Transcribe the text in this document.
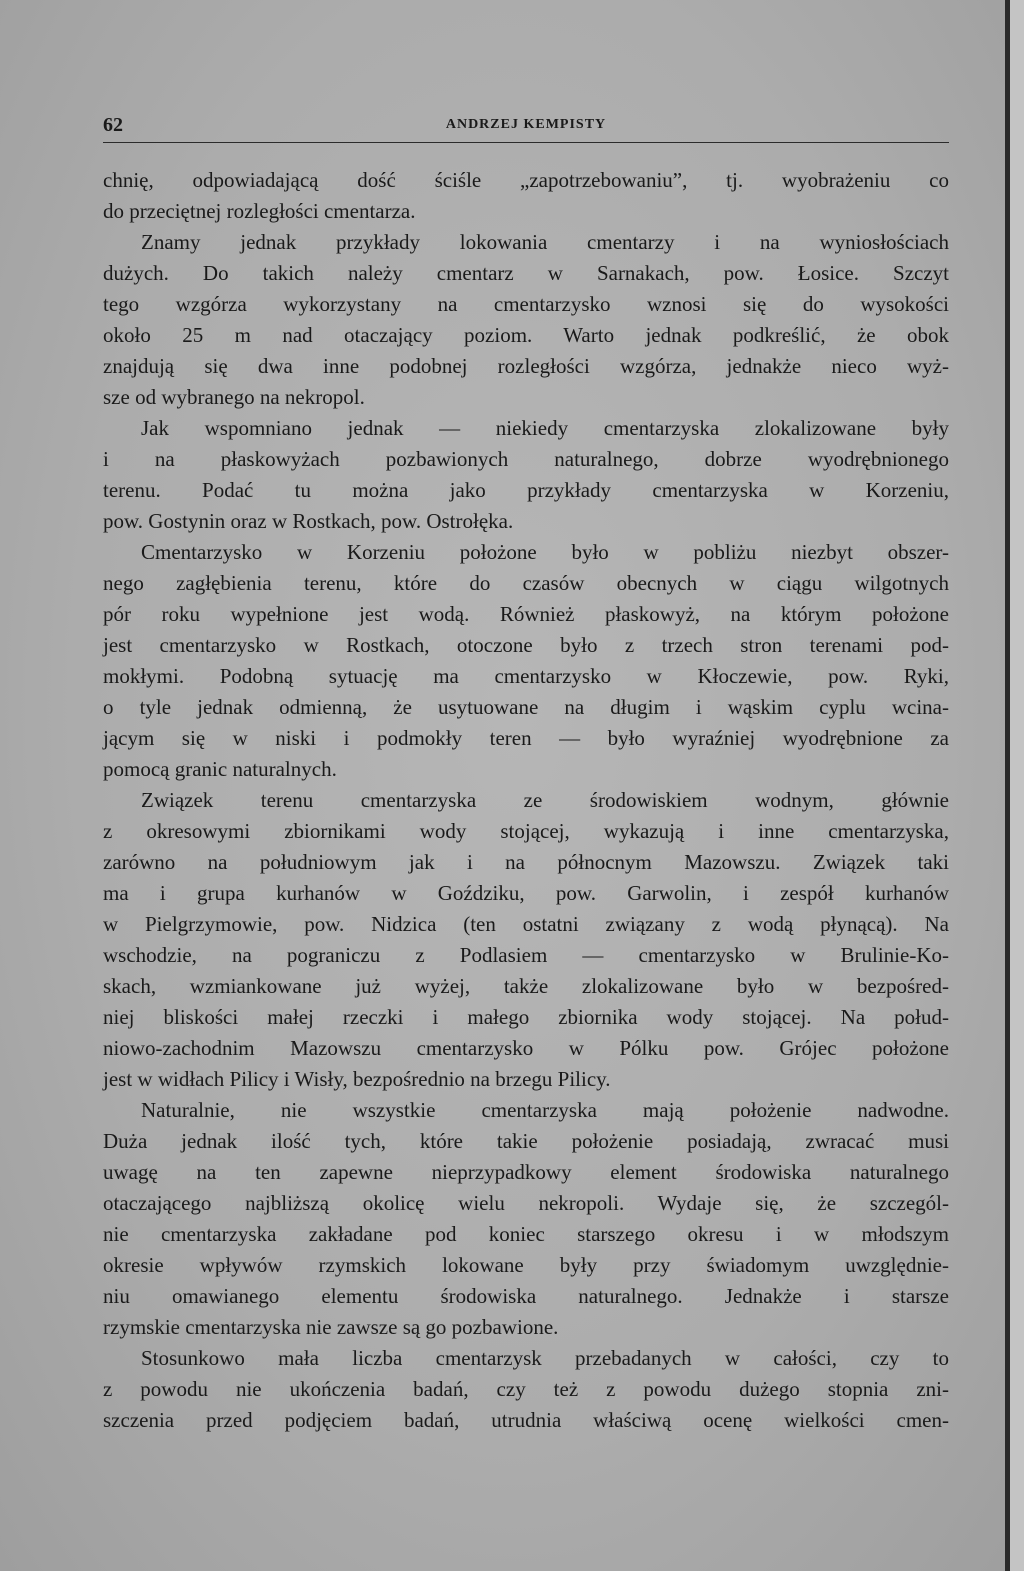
62	ANDRZEJ KEMPISTY
chnię, odpowiadającą dość ściśle „zapotrzebowaniu”, tj. wyobrażeniu co
do przeciętnej rozległości cmentarza.
Znamy jednak przykłady lokowania cmentarzy i na wyniosłościach
dużych. Do takich należy cmentarz w Sarnakach, pow. Łosice. Szczyt
tego wzgórza wykorzystany na cmentarzysko wznosi się do wysokości
około 25 m nad otaczający poziom. Warto jednak podkreślić, że obok
znajdują się dwa inne podobnej rozległości wzgórza, jednakże nieco wyż-
sze od wybranego na nekropol.
Jak wspomniano jednak — niekiedy cmentarzyska zlokalizowane były
i na płaskowyżach pozbawionych naturalnego, dobrze wyodrębnionego
terenu. Podać tu można jako przykłady cmentarzyska w Korzeniu,
pow. Gostynin oraz w Rostkach, pow. Ostrołęka.
Cmentarzysko w Korzeniu położone było w pobliżu niezbyt obszer-
nego zagłębienia terenu, które do czasów obecnych w ciągu wilgotnych
pór roku wypełnione jest wodą. Również płaskowyż, na którym położone
jest cmentarzysko w Rostkach, otoczone było z trzech stron terenami pod-
mokłymi. Podobną sytuację ma cmentarzysko w Kłoczewie, pow. Ryki,
o tyle jednak odmienną, że usytuowane na długim i wąskim cyplu wcina-
jącym się w niski i podmokły teren — było wyraźniej wyodrębnione za
pomocą granic naturalnych.
Związek terenu cmentarzyska ze środowiskiem wodnym, głównie
z okresowymi zbiornikami wody stojącej, wykazują i inne cmentarzyska,
zarówno na południowym jak i na północnym Mazowszu. Związek taki
ma i grupa kurhanów w Goździku, pow. Garwolin, i zespół kurhanów
w Pielgrzymowie, pow. Nidzica (ten ostatni związany z wodą płynącą). Na
wschodzie, na pograniczu z Podlasiem — cmentarzysko w Brulinie-Ko-
skach, wzmiankowane już wyżej, także zlokalizowane było w bezpośred-
niej bliskości małej rzeczki i małego zbiornika wody stojącej. Na połud-
niowo-zachodnim Mazowszu cmentarzysko w Pólku pow. Grójec położone
jest w widłach Pilicy i Wisły, bezpośrednio na brzegu Pilicy.
Naturalnie, nie wszystkie cmentarzyska mają położenie nadwodne.
Duża jednak ilość tych, które takie położenie posiadają, zwracać musi
uwagę na ten zapewne nieprzypadkowy element środowiska naturalnego
otaczającego najbliższą okolicę wielu nekropoli. Wydaje się, że szczegól-
nie cmentarzyska zakładane pod koniec starszego okresu i w młodszym
okresie wpływów rzymskich lokowane były przy świadomym uwzględnie-
niu omawianego elementu środowiska naturalnego. Jednakże i starsze
rzymskie cmentarzyska nie zawsze są go pozbawione.
Stosunkowo mała liczba cmentarzysk przebadanych w całości, czy to
z powodu nie ukończenia badań, czy też z powodu dużego stopnia zni-
szczenia przed podjęciem badań, utrudnia właściwą ocenę wielkości cmen-
